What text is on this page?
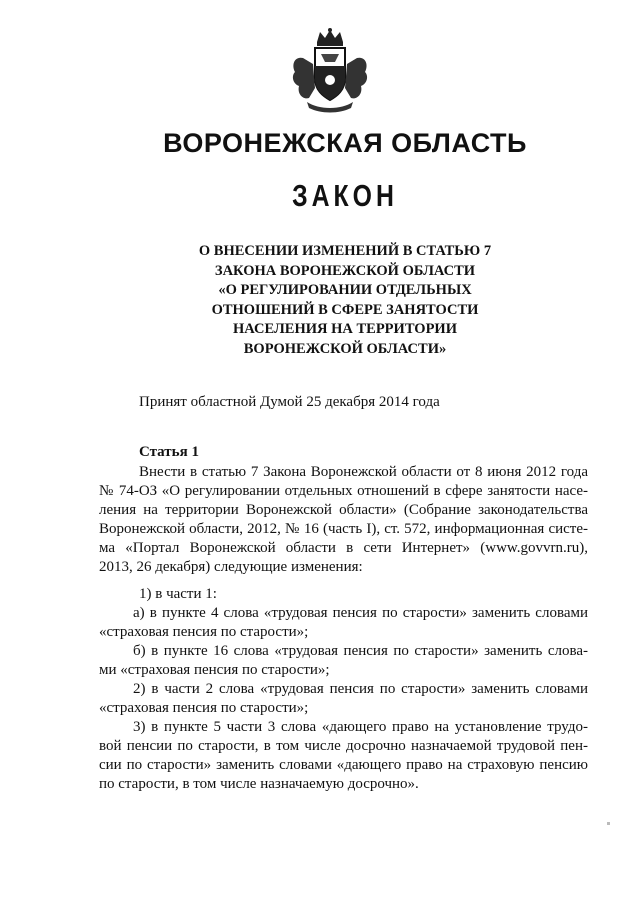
ВОРОНЕЖСКАЯ ОБЛАСТЬ
ЗАКОН
О ВНЕСЕНИИ ИЗМЕНЕНИЙ В СТАТЬЮ 7
ЗАКОНА ВОРОНЕЖСКОЙ ОБЛАСТИ
«О РЕГУЛИРОВАНИИ ОТДЕЛЬНЫХ
ОТНОШЕНИЙ В СФЕРЕ ЗАНЯТОСТИ
НАСЕЛЕНИЯ НА ТЕРРИТОРИИ
ВОРОНЕЖСКОЙ ОБЛАСТИ»
Принят областной Думой 25 декабря 2014 года
Статья 1
Внести в статью 7 Закона Воронежской области от 8 июня 2012 года
№ 74-ОЗ «О регулировании отдельных отношений в сфере занятости насе-
ления на территории Воронежской области» (Собрание законодательства
Воронежской области, 2012, № 16 (часть I), ст. 572, информационная систе-
ма «Портал Воронежской области в сети Интернет» (www.govvrn.ru),
2013, 26 декабря) следующие изменения:
1) в части 1:
а) в пункте 4 слова «трудовая пенсия по старости» заменить словами
«страховая пенсия по старости»;
б) в пункте 16 слова «трудовая пенсия по старости» заменить слова-
ми «страховая пенсия по старости»;
2) в части 2 слова «трудовая пенсия по старости» заменить словами
«страховая пенсия по старости»;
3) в пункте 5 части 3 слова «дающего право на установление трудо-
вой пенсии по старости, в том числе досрочно назначаемой трудовой пен-
сии по старости» заменить словами «дающего право на страховую пенсию
по старости, в том числе назначаемую досрочно».
